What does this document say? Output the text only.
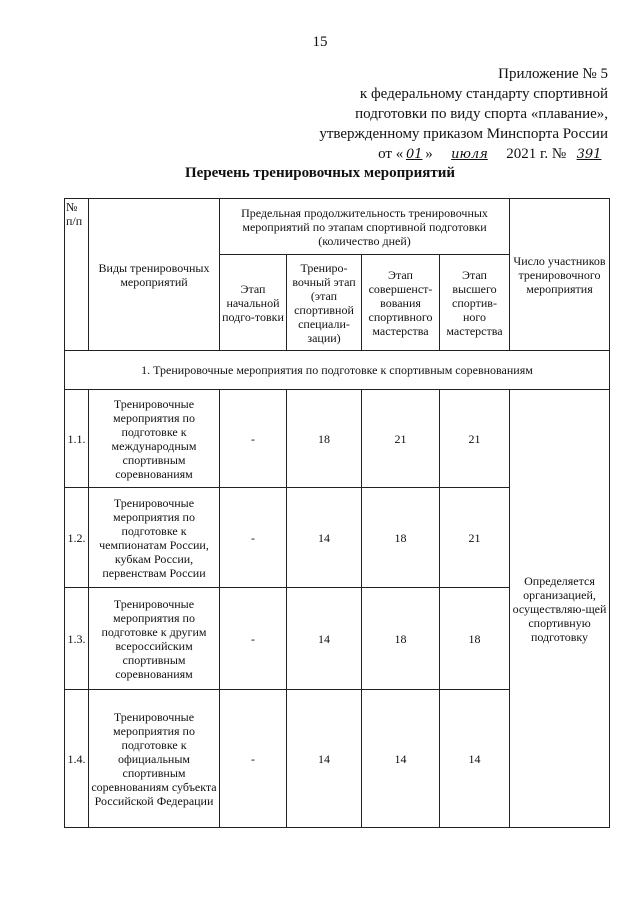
15
Приложение № 5
к федеральному стандарту спортивной
подготовки по виду спорта «плавание»,
утвержденному приказом Минспорта России
от « 01 » июля 2021 г. № 391
Перечень тренировочных мероприятий
№ п/п	Виды тренировочных мероприятий	Предельная продолжительность тренировочных мероприятий по этапам спортивной подготовки (количество дней)				Число участников тренировочного мероприятия
		Этап начальной подго-товки	Трениро-вочный этап (этап спортивной специали-зации)	Этап совершенст-вования спортивного мастерства	Этап высшего спортив-ного мастерства	
1. Тренировочные мероприятия по подготовке к спортивным соревнованиям						
1.1.	Тренировочные мероприятия по подготовке к международным спортивным соревнованиям	-	18	21	21	Определяется организацией, осуществляю-щей спортивную подготовку
1.2.	Тренировочные мероприятия по подготовке к чемпионатам России, кубкам России, первенствам России	-	14	18	21	
1.3.	Тренировочные мероприятия по подготовке к другим всероссийским спортивным соревнованиям	-	14	18	18	
1.4.	Тренировочные мероприятия по подготовке к официальным спортивным соревнованиям субъекта Российской Федерации	-	14	14	14	
